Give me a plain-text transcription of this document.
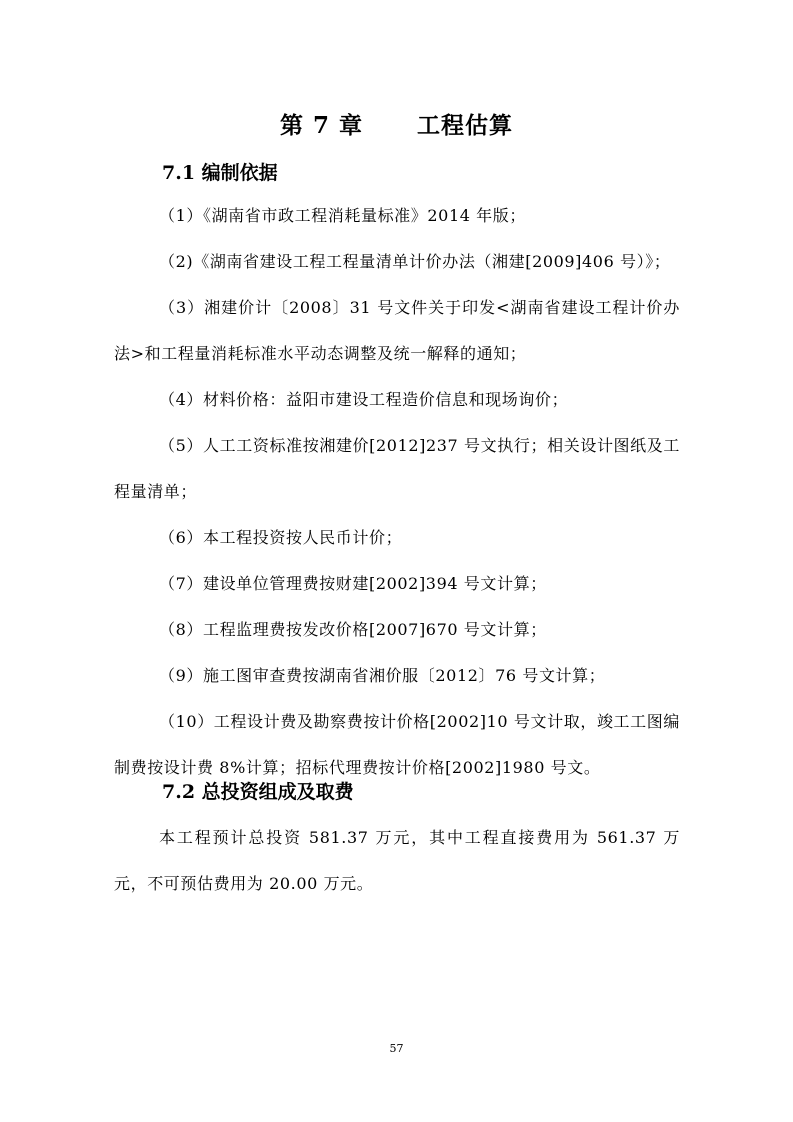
第 7 章      工程估算
7.1 编制依据
（1）《湖南省市政工程消耗量标准》2014 年版；
（2)《湖南省建设工程工程量清单计价办法（湘建[2009]406 号）》；
（3）湘建价计〔2008〕31 号文件关于印发<湖南省建设工程计价办法>和工程量消耗标准水平动态调整及统一解释的通知；
（4）材料价格：益阳市建设工程造价信息和现场询价；
（5）人工工资标准按湘建价[2012]237 号文执行；相关设计图纸及工程量清单；
（6）本工程投资按人民币计价；
（7）建设单位管理费按财建[2002]394 号文计算；
（8）工程监理费按发改价格[2007]670 号文计算；
（9）施工图审查费按湖南省湘价服〔2012〕76 号文计算；
（10）工程设计费及勘察费按计价格[2002]10 号文计取，竣工工图编制费按设计费 8%计算；招标代理费按计价格[2002]1980 号文。
7.2 总投资组成及取费
本工程预计总投资 581.37 万元，其中工程直接费用为 561.37 万元，不可预估费用为 20.00 万元。
57
